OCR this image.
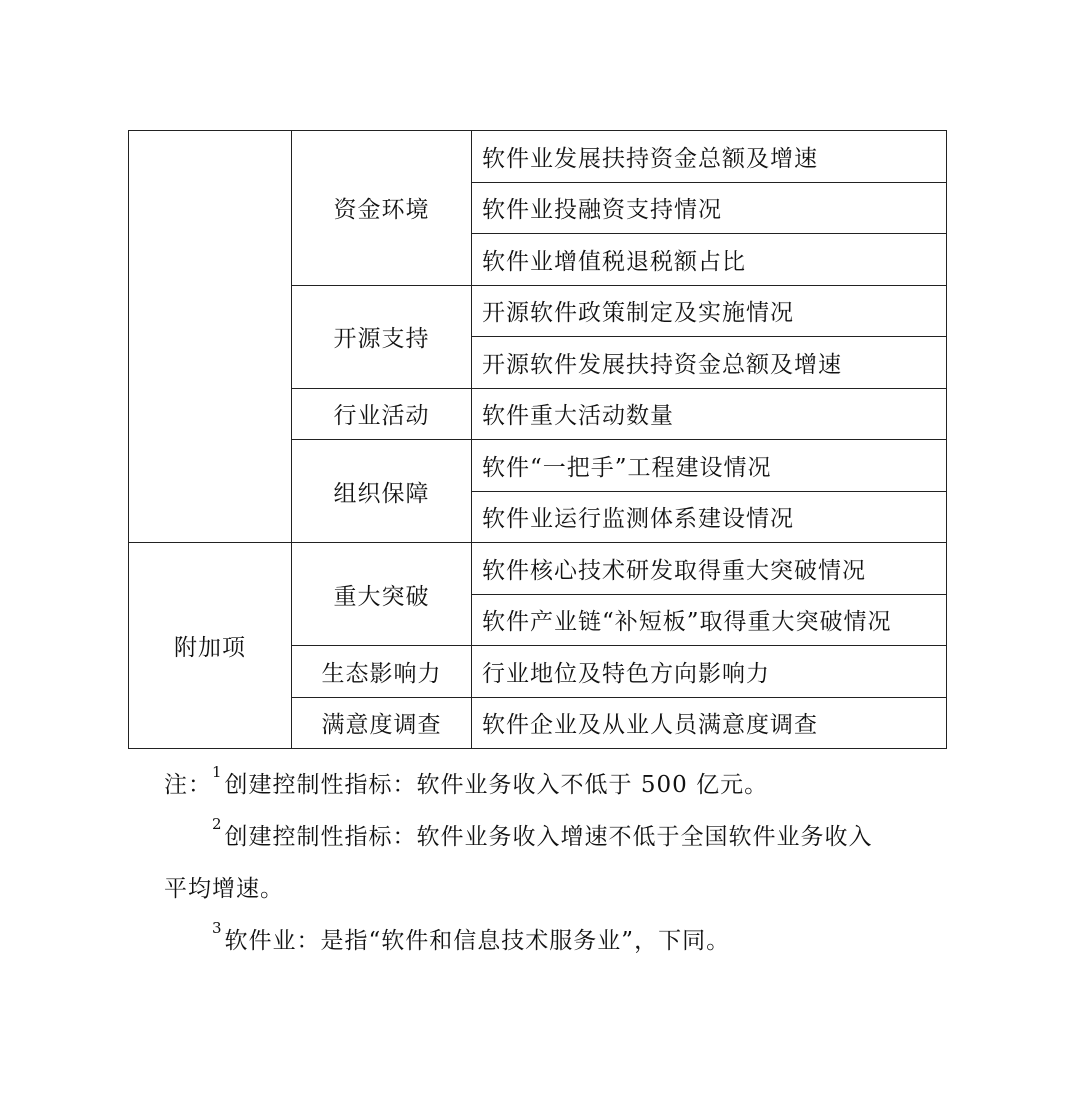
	资金环境	软件业发展扶持资金总额及增速
		软件业投融资支持情况
		软件业增值税退税额占比
	开源支持	开源软件政策制定及实施情况
		开源软件发展扶持资金总额及增速
	行业活动	软件重大活动数量
	组织保障	软件“一把手”工程建设情况
		软件业运行监测体系建设情况
附加项	重大突破	软件核心技术研发取得重大突破情况
		软件产业链“补短板”取得重大突破情况
	生态影响力	行业地位及特色方向影响力
	满意度调查	软件企业及从业人员满意度调查
注：$^1$创建控制性指标：软件业务收入不低于 500 亿元。
$^2$创建控制性指标：软件业务收入增速不低于全国软件业务收入
平均增速。
$^3$软件业：是指“软件和信息技术服务业”，下同。
